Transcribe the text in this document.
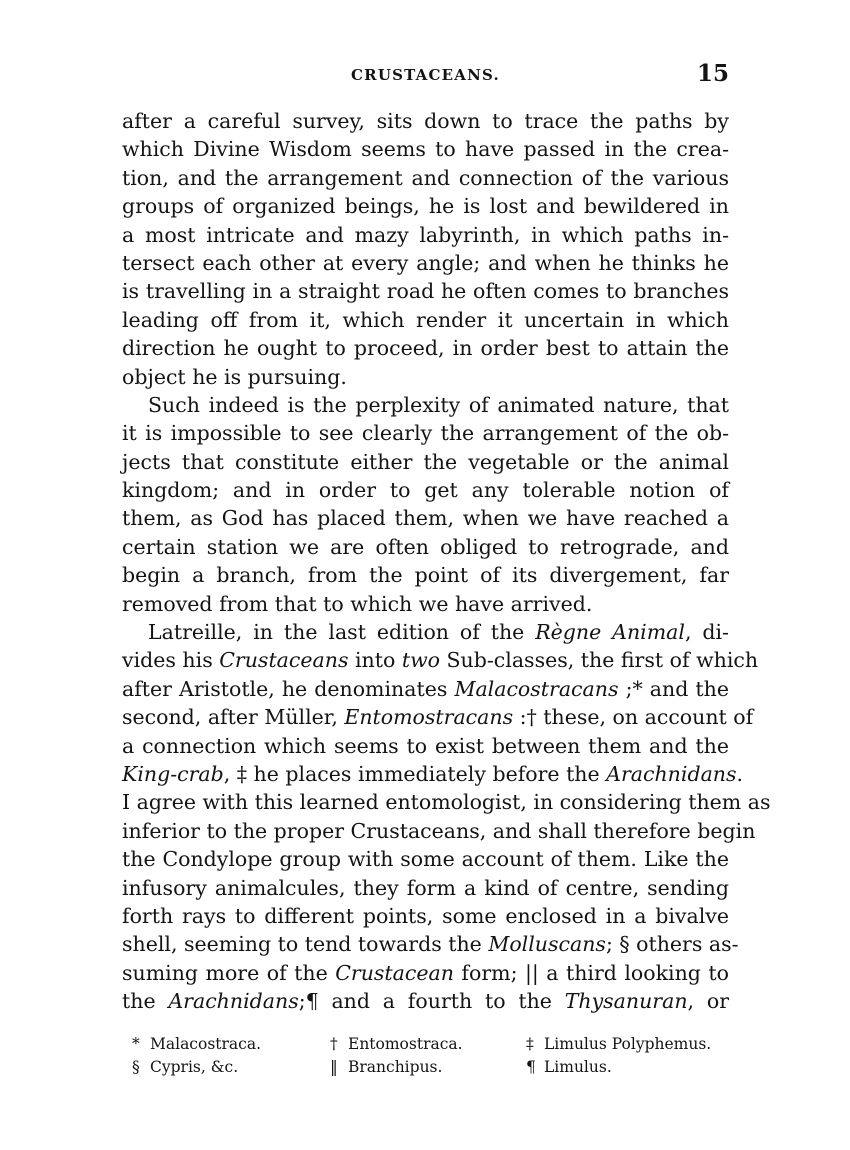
CRUSTACEANS.	15
after a careful survey, sits down to trace the paths by
which Divine Wisdom seems to have passed in the crea-
tion, and the arrangement and connection of the various
groups of organized beings, he is lost and bewildered in
a most intricate and mazy labyrinth, in which paths in-
tersect each other at every angle; and when he thinks he
is travelling in a straight road he often comes to branches
leading off from it, which render it uncertain in which
direction he ought to proceed, in order best to attain the
object he is pursuing.
Such indeed is the perplexity of animated nature, that
it is impossible to see clearly the arrangement of the ob-
jects that constitute either the vegetable or the animal
kingdom; and in order to get any tolerable notion of
them, as God has placed them, when we have reached a
certain station we are often obliged to retrograde, and
begin a branch, from the point of its divergement, far
removed from that to which we have arrived.
Latreille, in the last edition of the Règne Animal, di-
vides his Crustaceans into two Sub-classes, the first of which
after Aristotle, he denominates Malacostracans ;* and the
second, after Müller, Entomostracans :† these, on account of
a connection which seems to exist between them and the
King-crab, ‡ he places immediately before the Arachnidans.
I agree with this learned entomologist, in considering them as
inferior to the proper Crustaceans, and shall therefore begin
the Condylope group with some account of them. Like the
infusory animalcules, they form a kind of centre, sending
forth rays to different points, some enclosed in a bivalve
shell, seeming to tend towards the Molluscans; § others as-
suming more of the Crustacean form; || a third looking to
the Arachnidans;¶ and a fourth to the Thysanuran, or
* Malacostraca.	† Entomostraca.	‡ Limulus Polyphemus.
§ Cypris, &c.	‖ Branchipus.	¶ Limulus.
